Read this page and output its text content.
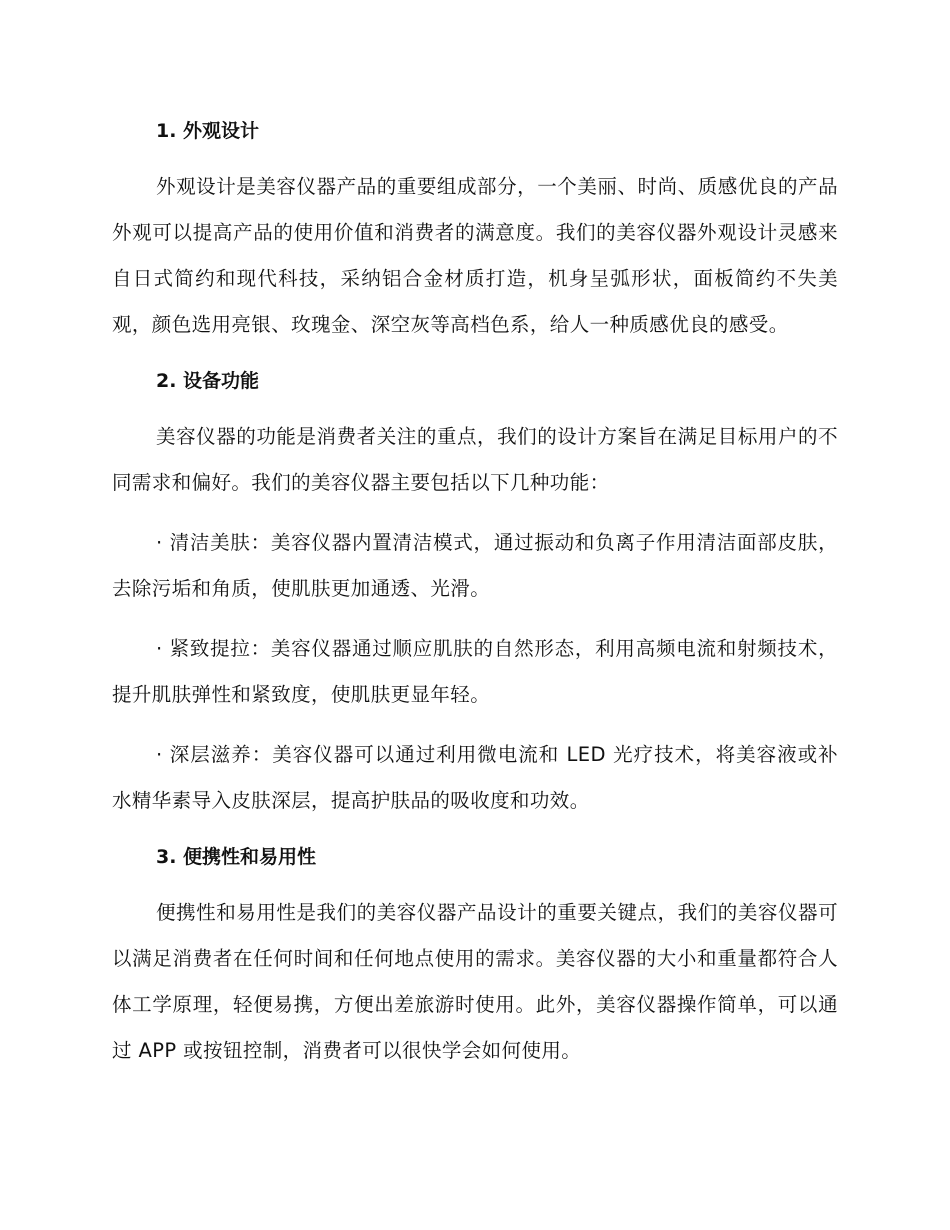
1. 外观设计

外观设计是美容仪器产品的重要组成部分，一个美丽、时尚、质感优良的产品外观可以提高产品的使用价值和消费者的满意度。我们的美容仪器外观设计灵感来自日式简约和现代科技，采纳铝合金材质打造，机身呈弧形状，面板简约不失美观，颜色选用亮银、玫瑰金、深空灰等高档色系，给人一种质感优良的感受。

2. 设备功能

美容仪器的功能是消费者关注的重点，我们的设计方案旨在满足目标用户的不同需求和偏好。我们的美容仪器主要包括以下几种功能：

· 清洁美肤：美容仪器内置清洁模式，通过振动和负离子作用清洁面部皮肤，去除污垢和角质，使肌肤更加通透、光滑。

· 紧致提拉：美容仪器通过顺应肌肤的自然形态，利用高频电流和射频技术，提升肌肤弹性和紧致度，使肌肤更显年轻。

· 深层滋养：美容仪器可以通过利用微电流和 LED 光疗技术，将美容液或补水精华素导入皮肤深层，提高护肤品的吸收度和功效。

3. 便携性和易用性

便携性和易用性是我们的美容仪器产品设计的重要关键点，我们的美容仪器可以满足消费者在任何时间和任何地点使用的需求。美容仪器的大小和重量都符合人体工学原理，轻便易携，方便出差旅游时使用。此外，美容仪器操作简单，可以通过 APP 或按钮控制，消费者可以很快学会如何使用。
